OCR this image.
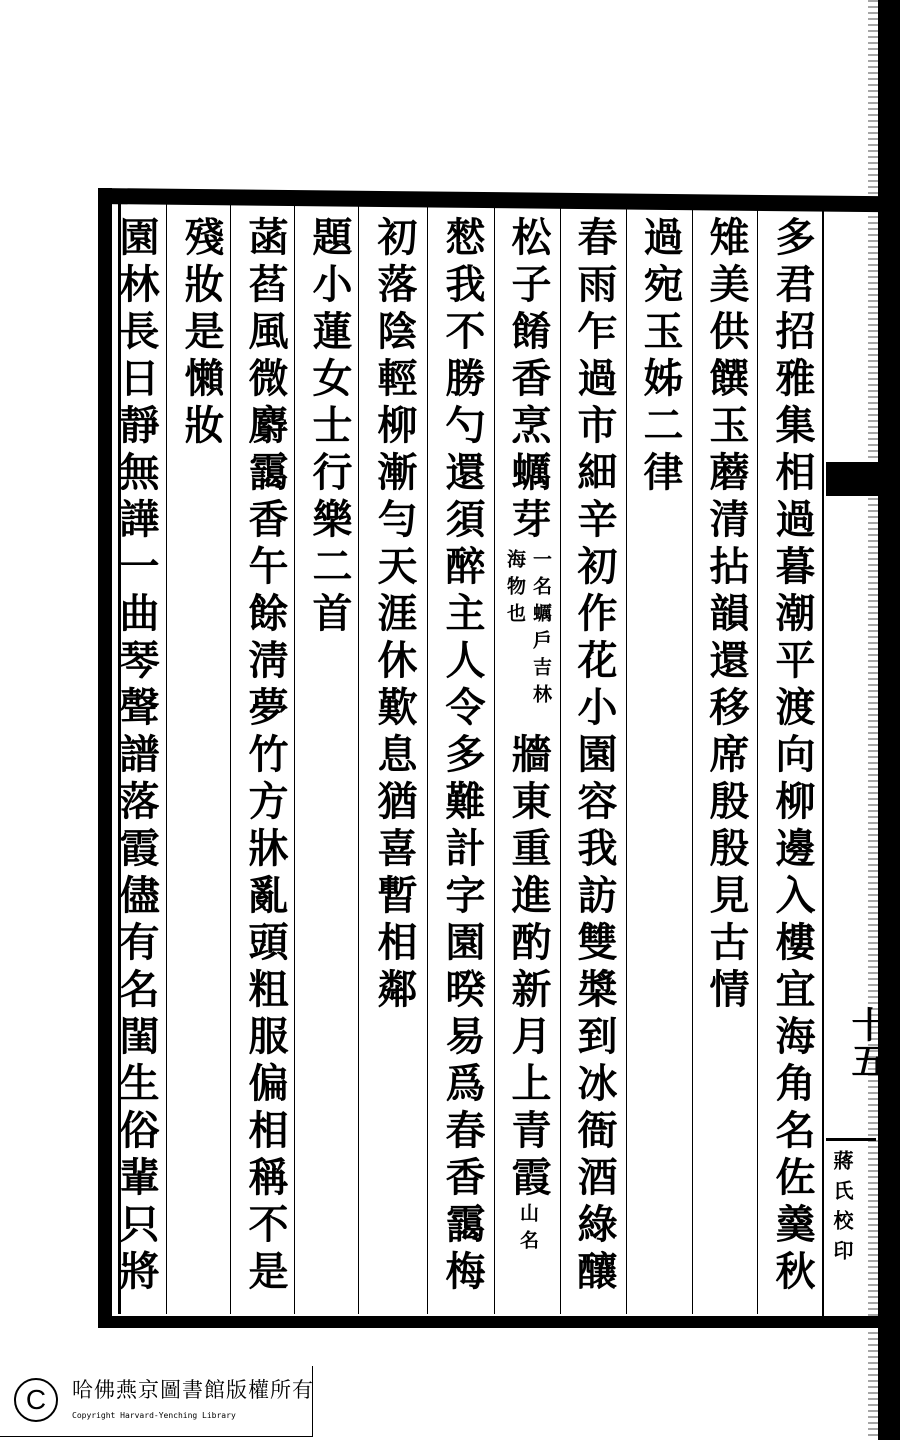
多君招雅集相過暮潮平渡向柳邊入樓宜海角名佐羹秋
雉美供饌玉蘑清拈韻還移席殷殷見古情
過宛玉姊二律
春雨乍過市細辛初作花小園容我訪雙槳到冰衙酒綠釀
松子餚香烹蠣芽
一名蠣戶吉林海物也
牆東重進酌新月上青霞
山名
憖我不勝勺還須醉主人令多難計字園暌易爲春香靄梅
初落陰輕柳漸勻天涯休歎息猶喜暫相鄰
題小蓮女士行樂二首
菡萏風微麝靄香午餘淸夢竹方牀亂頭粗服偏相稱不是
殘妝是懶妝
園林長日靜無譁一曲琴聲譜落霞儘有名閨生俗輩只將	十五
蔣氏校印
C	哈佛燕京圖書館版權所有
Copyright Harvard-Yenching Library
